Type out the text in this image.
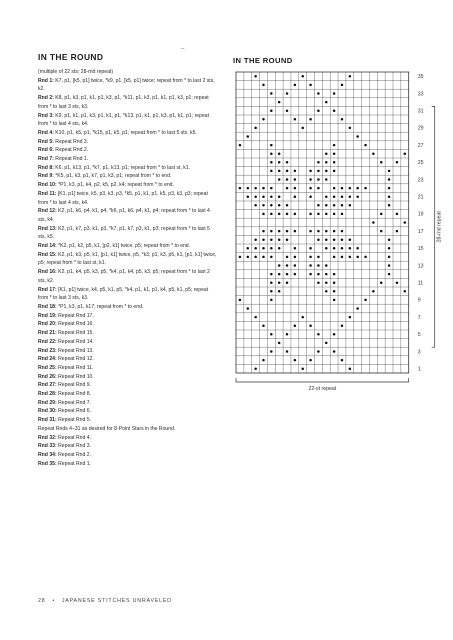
IN THE ROUND

(multiple of 22 sts; 28-rnd repeat)

Rnd 1: K7, p1, [k5, p1] twice, *k9, p1, [k5, p1] twice; repeat from * to last 2 sts, k2.
Rnd 2: K8, p1, k3, p1, k1, p1, k3, p1, *k11, p1, k3, p1, k1, p1, k3, p1; repeat from * to last 3 sts, k3.
Rnd 3: K9, p1, k1, p1, k3, p1, k1, p1, *k13, p1, k1, p1, k3, p1, k1, p1; repeat from * to last 4 sts, k4.
Rnd 4: K10, p1, k5, p1, *k15, p1, k5, p1; repeat from * to last 5 sts, k5.
Rnd 5: Repeat Rnd 3.
Rnd 6: Repeat Rnd 2.
Rnd 7: Repeat Rnd 1.
Rnd 8: K6, p1, k13, p1, *k7, p1, k13, p1; repeat from * to last st, k1.
Rnd 9: *K5, p1, k3, p1, k7, p1, k3, p1; repeat from * to end.
Rnd 10: *P1, k3, p1, k4, p2, k5, p2, k4; repeat from * to end.
Rnd 11: [K1, p1] twice, k5, p3, k3, p3, *k5, p1, k1, p1, k5, p3, k3, p3; repeat from * to last 4 sts, k4.
Rnd 12: K2, p1, k6, p4, k1, p4, *k6, p1, k6, p4, k1, p4; repeat from * to last 4 sts, k4.
Rnd 13: K2, p1, k7, p3, k1, p3, *k7, p1, k7, p3, k1, p3; repeat from * to last 5 sts, k5.
Rnd 14: *K2, p1, k2, p5, k1, [p2, k1] twice, p5; repeat from * to end.
Rnd 15: K2, p1, k3, p5, k1, [p1, k1] twice, p5, *k3, p1, k3, p5, k1, [p1, k1] twice, p5; repeat from * to last st, k1.
Rnd 16: K2, p1, k4, p5, k3, p5, *k4, p1, k4, p5, k3, p5; repeat from * to last 2 sts, k2.
Rnd 17: [K1, p1] twice, k4, p5, k1, p5, *k4, p1, k1, p1, k4, p5, k1, p5; repeat from * to last 3 sts, k3.
Rnd 18: *P1, k3, p1, k17; repeat from * to end.
Rnd 19: Repeat Rnd 17.
Rnd 20: Repeat Rnd 16.
Rnd 21: Repeat Rnd 15.
Rnd 22: Repeat Rnd 14.
Rnd 23: Repeat Rnd 13.
Rnd 24: Repeat Rnd 12.
Rnd 25: Repeat Rnd 11.
Rnd 26: Repeat Rnd 10.
Rnd 27: Repeat Rnd 9.
Rnd 28: Repeat Rnd 8.
Rnd 29: Repeat Rnd 7.
Rnd 30: Repeat Rnd 6.
Rnd 31: Repeat Rnd 5.
Repeat Rnds 4–31 as desired for 8-Point Stars in the Round.
Rnd 32: Repeat Rnd 4.
Rnd 33: Repeat Rnd 3.
Rnd 34: Repeat Rnd 2.
Rnd 35: Repeat Rnd 1.
–
IN THE ROUND
1
3
5
7
9
11
13
15
17
19
21
23
25
27
29
31
33
35
28-rnd repeat
22-st repeat
28 • JAPANESE STITCHES UNRAVELED
